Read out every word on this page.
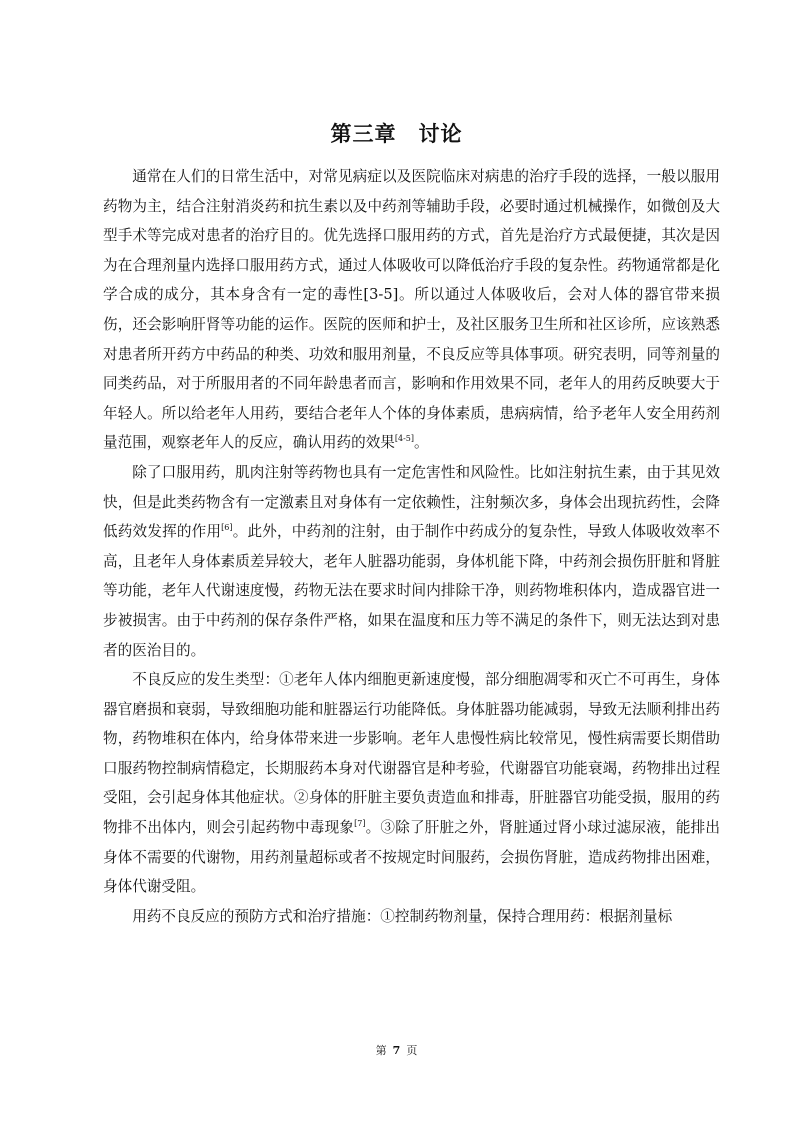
第三章 讨论

通常在人们的日常生活中，对常见病症以及医院临床对病患的治疗手段的选择，一般以服用药物为主，结合注射消炎药和抗生素以及中药剂等辅助手段，必要时通过机械操作，如微创及大型手术等完成对患者的治疗目的。优先选择口服用药的方式，首先是治疗方式最便捷，其次是因为在合理剂量内选择口服用药方式，通过人体吸收可以降低治疗手段的复杂性。药物通常都是化学合成的成分，其本身含有一定的毒性[3-5]。所以通过人体吸收后，会对人体的器官带来损伤，还会影响肝肾等功能的运作。医院的医师和护士，及社区服务卫生所和社区诊所，应该熟悉对患者所开药方中药品的种类、功效和服用剂量，不良反应等具体事项。研究表明，同等剂量的同类药品，对于所服用者的不同年龄患者而言，影响和作用效果不同，老年人的用药反映要大于年轻人。所以给老年人用药，要结合老年人个体的身体素质，患病病情，给予老年人安全用药剂量范围，观察老年人的反应，确认用药的效果[4-5]。

除了口服用药，肌肉注射等药物也具有一定危害性和风险性。比如注射抗生素，由于其见效快，但是此类药物含有一定激素且对身体有一定依赖性，注射频次多，身体会出现抗药性，会降低药效发挥的作用[6]。此外，中药剂的注射，由于制作中药成分的复杂性，导致人体吸收效率不高，且老年人身体素质差异较大，老年人脏器功能弱，身体机能下降，中药剂会损伤肝脏和肾脏等功能，老年人代谢速度慢，药物无法在要求时间内排除干净，则药物堆积体内，造成器官进一步被损害。由于中药剂的保存条件严格，如果在温度和压力等不满足的条件下，则无法达到对患者的医治目的。

不良反应的发生类型：①老年人体内细胞更新速度慢，部分细胞凋零和灭亡不可再生，身体器官磨损和衰弱，导致细胞功能和脏器运行功能降低。身体脏器功能减弱，导致无法顺利排出药物，药物堆积在体内，给身体带来进一步影响。老年人患慢性病比较常见，慢性病需要长期借助口服药物控制病情稳定，长期服药本身对代谢器官是种考验，代谢器官功能衰竭，药物排出过程受阻，会引起身体其他症状。②身体的肝脏主要负责造血和排毒，肝脏器官功能受损，服用的药物排不出体内，则会引起药物中毒现象[7]。③除了肝脏之外，肾脏通过肾小球过滤尿液，能排出身体不需要的代谢物，用药剂量超标或者不按规定时间服药，会损伤肾脏，造成药物排出困难，身体代谢受阻。

用药不良反应的预防方式和治疗措施：①控制药物剂量，保持合理用药：根据剂量标

第 7 页
